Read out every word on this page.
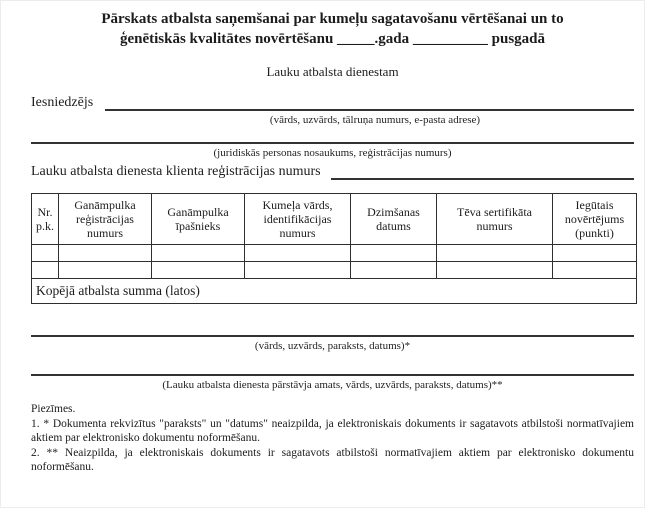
Pārskats atbalsta saņemšanai par kumeļu sagatavošanu vērtēšanai un to
ģenētiskās kvalitātes novērtēšanu _____.gada __________ pusgadā
Lauku atbalsta dienestam
Iesniedzējs
(vārds, uzvārds, tālruņa numurs, e-pasta adrese)
(juridiskās personas nosaukums, reģistrācijas numurs)
Lauku atbalsta dienesta klienta reģistrācijas numurs
Nr. p.k.	Ganāmpulka reģistrācijas numurs	Ganāmpulka īpašnieks	Kumeļa vārds, identifikācijas numurs	Dzimšanas datums	Tēva sertifikāta numurs	Iegūtais novērtējums (punkti)

Kopējā atbalsta summa (latos)						
(vārds, uzvārds, paraksts, datums)*
(Lauku atbalsta dienesta pārstāvja amats, vārds, uzvārds, paraksts, datums)**
Piezīmes.
1. * Dokumenta rekvizītus "paraksts" un "datums" neaizpilda, ja elektroniskais dokuments ir sagatavots atbilstoši normatīvajiem aktiem par elektronisko dokumentu noformēšanu.
2. ** Neaizpilda, ja elektroniskais dokuments ir sagatavots atbilstoši normatīvajiem aktiem par elektronisko dokumentu noformēšanu.
